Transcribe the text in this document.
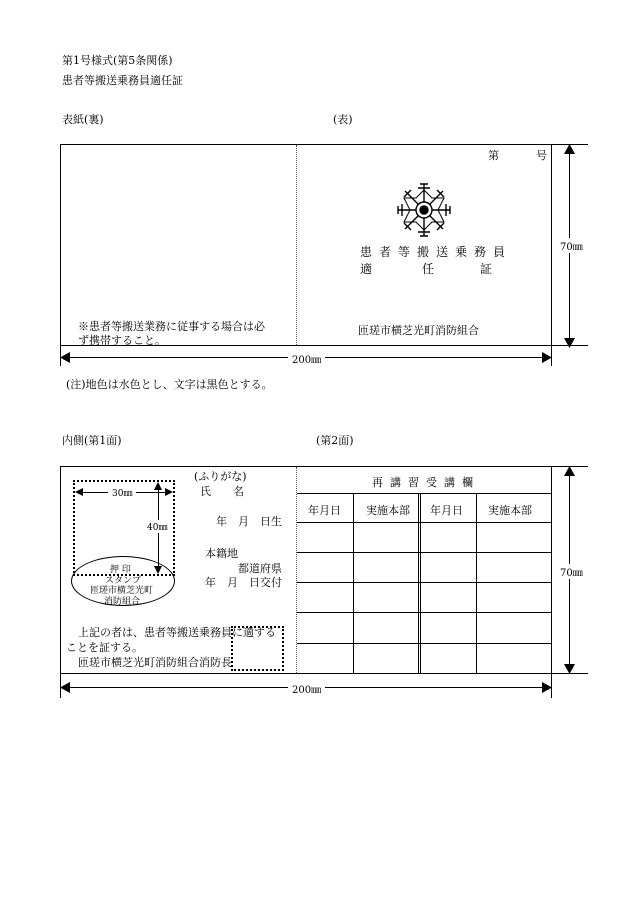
第1号様式(第5条関係)
患者等搬送乗務員適任証
表紙(裏)	(表)
第	号
患者等搬送乗務員
適	任	証
※患者等搬送業務に従事する場合は必
ず携帯すること。
匝瑳市横芝光町消防組合
70㎜
200㎜
(注)地色は水色とし、文字は黒色とする。
内側(第1面)	(第2面)
30㎜
40㎜
押 印
スタンプ
匝瑳市横芝光町
消防組合
(ふりがな)
氏　　名
年　月　日生
本籍地
都道府県
年　月　日交付
上記の者は、患者等搬送乗務員に適する
ことを証する。
匝瑳市横芝光町消防組合消防長
再講習受講欄
年月日 実施本部 年月日 実施本部
70㎜
200㎜
